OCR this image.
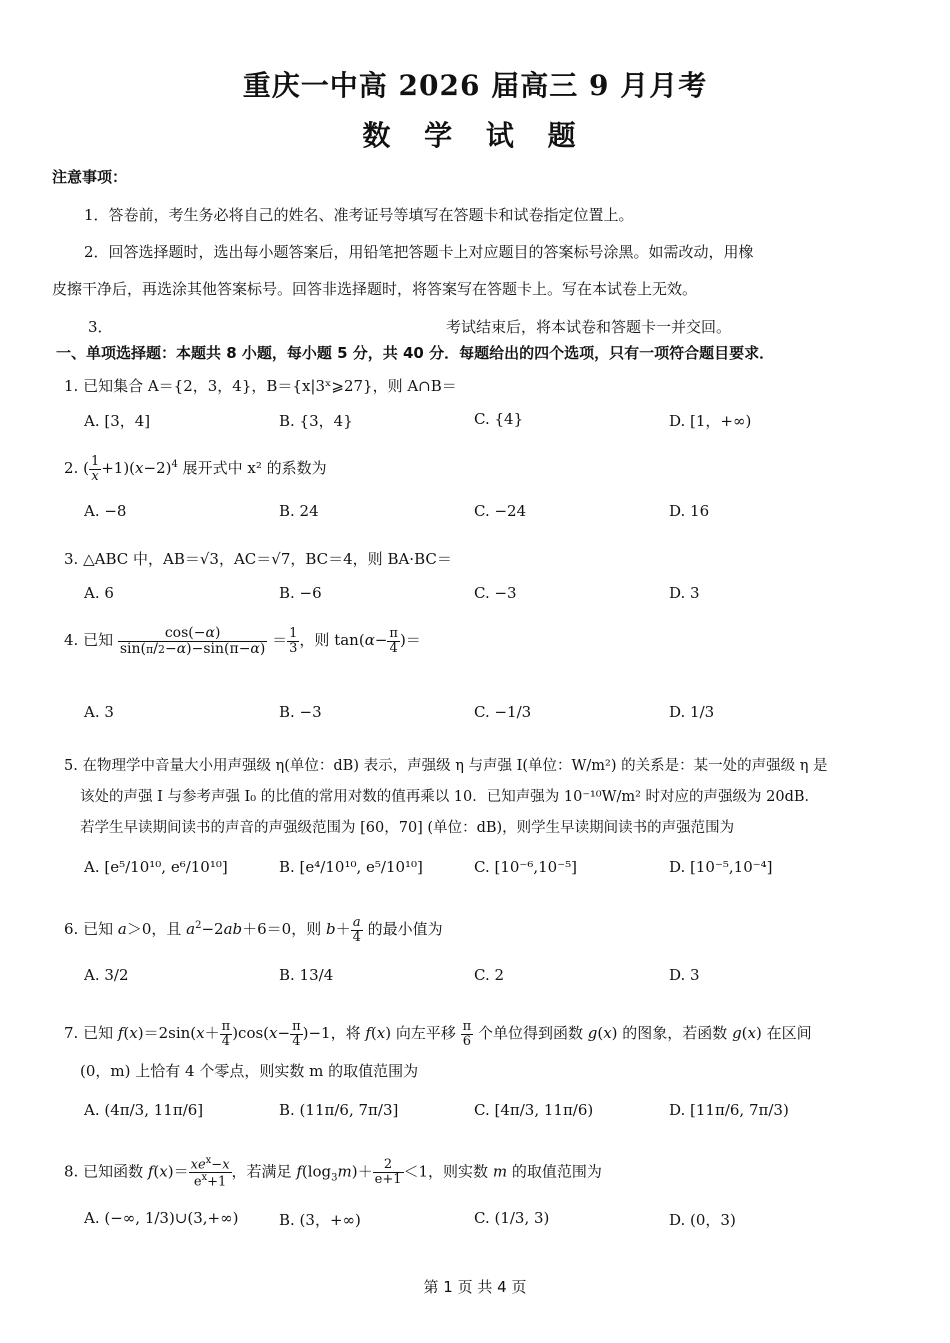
重庆一中高 2026 届高三 9 月月考
数 学 试 题
注意事项：
1．答卷前，考生务必将自己的姓名、准考证号等填写在答题卡和试卷指定位置上。
2．回答选择题时，选出每小题答案后，用铅笔把答题卡上对应题目的答案标号涂黑。如需改动，用橡
皮擦干净后，再选涂其他答案标号。回答非选择题时，将答案写在答题卡上。写在本试卷上无效。
3．	考试结束后，将本试卷和答题卡一并交回。
一、单项选择题：本题共 8 小题，每小题 5 分，共 40 分．每题给出的四个选项，只有一项符合题目要求．
1. 已知集合 A＝{2，3，4}，B＝{x|3ˣ⩾27}，则 A∩B＝
A. [3，4]	B. {3，4}	C. {4}	D. [1，+∞)
2. ( $\frac{1}{x} +1)(x-2)^4$ 展开式中 x² 的系数为
A. −8	B. 24	C. −24	D. 16
3. △ABC 中，AB＝√3，AC＝√7，BC＝4，则 BA·BC＝
A. 6	B. −6	C. −3	D. 3
4. 已知 $\frac{\cos(-\alpha)}{\sin(\pi/2-\alpha)-\sin(\pi-\alpha)} = \frac{1}{3}$ ，则 $\tan(\alpha- \frac{\pi}{4}$ )＝
A. 3	B. −3	C. −1/3	D. 1/3
5. 在物理学中音量大小用声强级 η(单位：dB) 表示，声强级 η 与声强 I(单位：W/m²) 的关系是：某一处的声强级 η 是
该处的声强 I 与参考声强 I₀ 的比值的常用对数的值再乘以 10．已知声强为 10⁻¹⁰W/m² 时对应的声强级为 20dB．
若学生早读期间读书的声音的声强级范围为 [60，70] (单位：dB)，则学生早读期间读书的声强范围为
A. [e⁵/10¹⁰, e⁶/10¹⁰]	B. [e⁴/10¹⁰, e⁵/10¹⁰]	C. [10⁻⁶,10⁻⁵]	D. [10⁻⁵,10⁻⁴]
6. 已知 a＞0，且 $a^2-2ab+6=0$，则 $b+ \frac{a}{4}$ 的最小值为
A. 3/2	B. 13/4	C. 2	D. 3
7. 已知 $f(x)=2\sin(x+ \frac{\pi}{4} )\cos(x- \frac{\pi}{4} )-1$，将 f(x) 向左平移 $\frac{\pi}{6}$ 个单位得到函数 g(x) 的图象，若函数 g(x) 在区间
(0，m) 上恰有 4 个零点，则实数 m 的取值范围为
A. (4π/3, 11π/6]	B. (11π/6, 7π/3]	C. [4π/3, 11π/6)	D. [11π/6, 7π/3)
8. 已知函数 $f(x)= \frac{xe^x-x}{e^x+1}$ ，若满足 $f(\log_3m)+ \frac{2}{e+1} <1$，则实数 m 的取值范围为
A. (−∞, 1/3)∪(3,+∞)	B. (3，+∞)	C. (1/3, 3)	D. (0，3)
第 1 页 共 4 页
